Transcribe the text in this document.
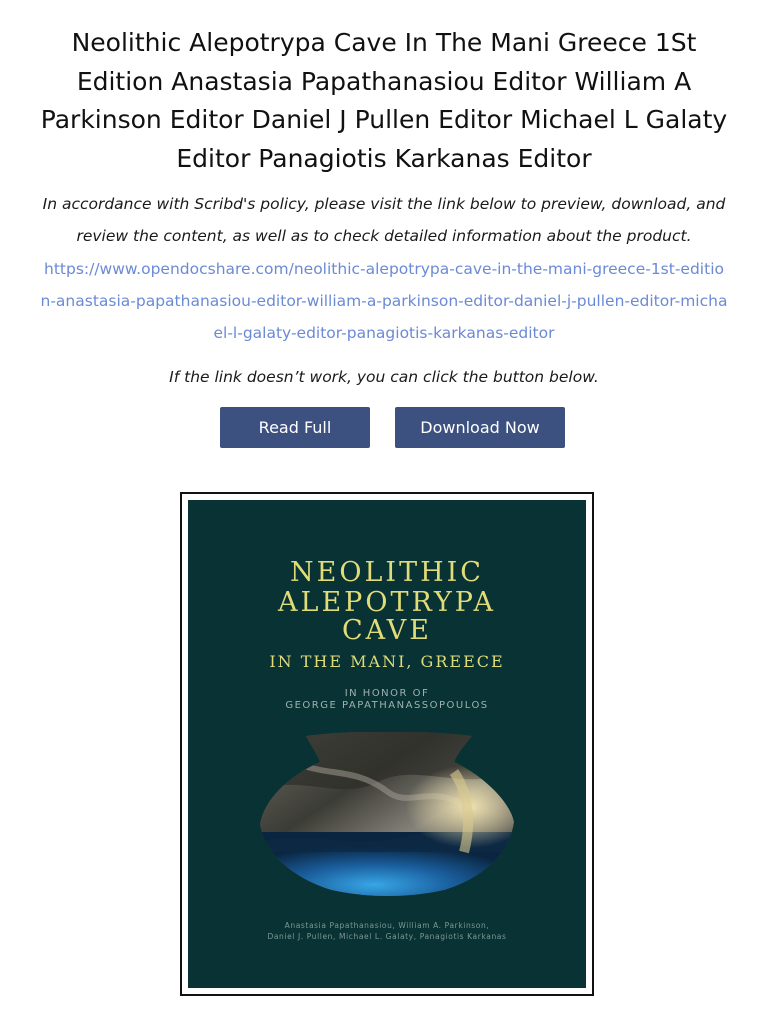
Neolithic Alepotrypa Cave In The Mani Greece 1St Edition Anastasia Papathanasiou Editor William A Parkinson Editor Daniel J Pullen Editor Michael L Galaty Editor Panagiotis Karkanas Editor

In accordance with Scribd's policy, please visit the link below to preview, download, and review the content, as well as to check detailed information about the product.

https://www.opendocshare.com/neolithic-alepotrypa-cave-in-the-mani-greece-1st-edition-anastasia-papathanasiou-editor-william-a-parkinson-editor-daniel-j-pullen-editor-michael-l-galaty-editor-panagiotis-karkanas-editor

If the link doesn’t work, you can click the button below.

Read Full	Download Now
NEOLITHIC
ALEPOTRYPA
CAVE
IN THE MANI, GREECE
IN HONOR OF
GEORGE PAPATHANASSOPOULOS
Anastasia Papathanasiou, William A. Parkinson,
Daniel J. Pullen, Michael L. Galaty, Panagiotis Karkanas
